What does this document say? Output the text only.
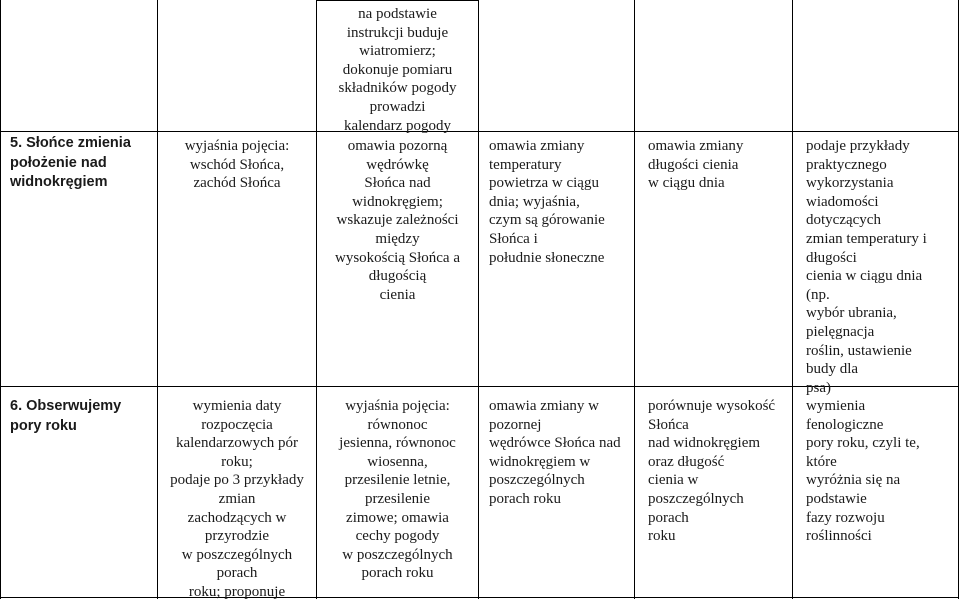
na podstawie
instrukcji buduje
wiatromierz;
dokonuje pomiaru
składników pogody
prowadzi
kalendarz pogody
5. Słońce zmienia
położenie nad
widnokręgiem
wyjaśnia pojęcia:
wschód Słońca,
zachód Słońca
omawia pozorną
wędrówkę
Słońca nad
widnokręgiem;
wskazuje zależności
między
wysokością Słońca a
długością
cienia
omawia zmiany
temperatury
powietrza w ciągu
dnia; wyjaśnia,
czym są górowanie
Słońca i
południe słoneczne
omawia zmiany
długości cienia
w ciągu dnia
podaje przykłady
praktycznego
wykorzystania
wiadomości
dotyczących
zmian temperatury i
długości
cienia w ciągu dnia
(np.
wybór ubrania,
pielęgnacja
roślin, ustawienie
budy dla
psa)
6. Obserwujemy
pory roku
wymienia daty
rozpoczęcia
kalendarzowych pór
roku;
podaje po 3 przykłady
zmian
zachodzących w
przyrodzie
w poszczególnych
porach
roku; proponuje
wyjaśnia pojęcia:
równonoc
jesienna, równonoc
wiosenna,
przesilenie letnie,
przesilenie
zimowe; omawia
cechy pogody
w poszczególnych
porach roku
omawia zmiany w
pozornej
wędrówce Słońca nad
widnokręgiem w
poszczególnych
porach roku
porównuje wysokość
Słońca
nad widnokręgiem
oraz długość
cienia w
poszczególnych
porach
roku
wymienia
fenologiczne
pory roku, czyli te,
które
wyróżnia się na
podstawie
fazy rozwoju
roślinności
